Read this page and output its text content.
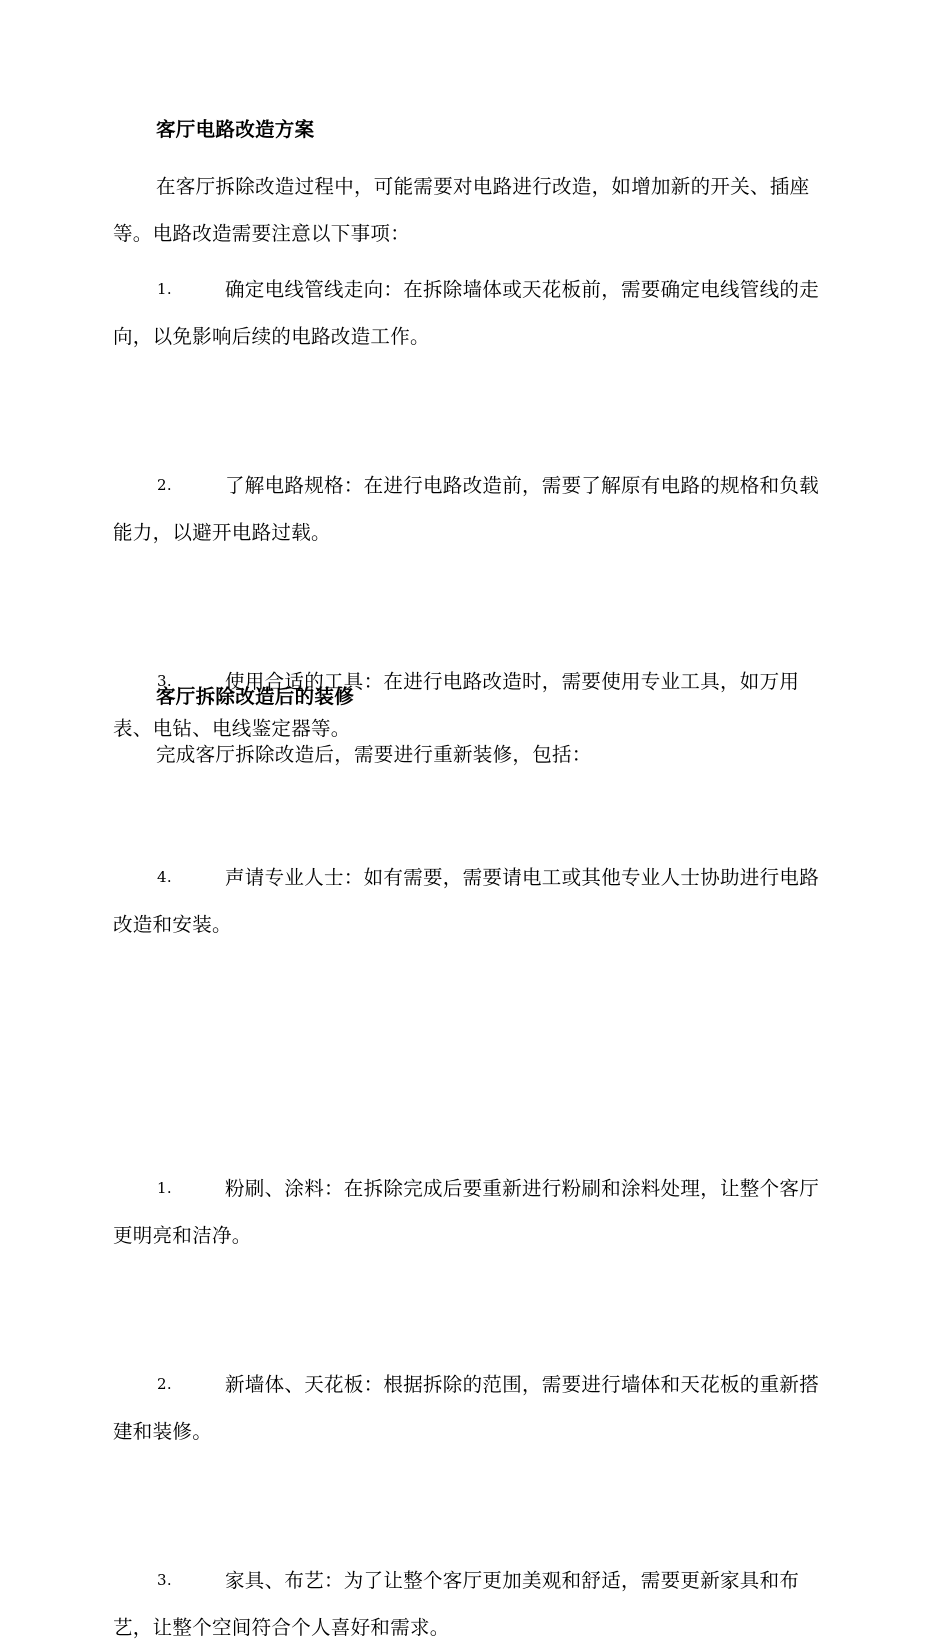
客厅电路改造方案
在客厅拆除改造过程中，可能需要对电路进行改造，如增加新的开关、插座等。电路改造需要注意以下事项：
1.	确定电线管线走向：在拆除墙体或天花板前，需要确定电线管线的走向，以免影响后续的电路改造工作。
2.	了解电路规格：在进行电路改造前，需要了解原有电路的规格和负载能力，以避开电路过载。
3.	使用合适的工具：在进行电路改造时，需要使用专业工具，如万用表、电钻、电线鉴定器等。
4.	声请专业人士：如有需要，需要请电工或其他专业人士协助进行电路改造和安装。
客厅拆除改造后的装修
完成客厅拆除改造后，需要进行重新装修，包括：
1.	粉刷、涂料：在拆除完成后要重新进行粉刷和涂料处理，让整个客厅更明亮和洁净。
2.	新墙体、天花板：根据拆除的范围，需要进行墙体和天花板的重新搭建和装修。
3.	家具、布艺：为了让整个客厅更加美观和舒适，需要更新家具和布艺，让整个空间符合个人喜好和需求。
